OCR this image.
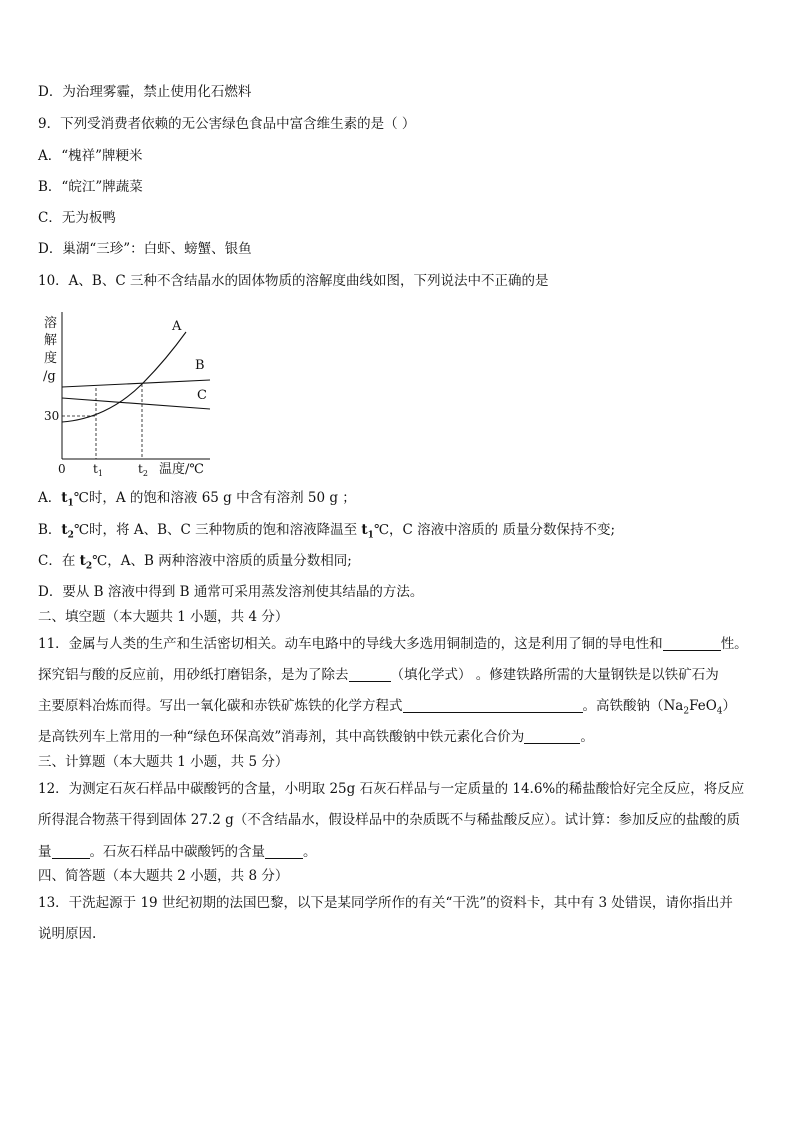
D．为治理雾霾，禁止使用化石燃料
9．下列受消费者依赖的无公害绿色食品中富含维生素的是（ ）
A．“槐祥”牌粳米
B．“皖江”牌蔬菜
C．无为板鸭
D．巢湖“三珍”：白虾、螃蟹、银鱼
10．A、B、C 三种不含结晶水的固体物质的溶解度曲线如图，下列说法中不正确的是
溶
解
度
/g
30
A
B
C
0 $t_1$	$t_2$ 温度/℃
A．$t_1℃$时，A 的饱和溶液 65 g 中含有溶剂 50 g ；
B．$t_2℃$时，将 A、B、C 三种物质的饱和溶液降温至 $t_1℃$，C 溶液中溶质的 质量分数保持不变;
C．在 $t_2℃$，A、B 两种溶液中溶质的质量分数相同;
D．要从 B 溶液中得到 B 通常可采用蒸发溶剂使其结晶的方法。
二、填空题（本大题共 1 小题，共 4 分）
11．金属与人类的生产和生活密切相关。动车电路中的导线大多选用铜制造的，这是利用了铜的导电性和	性。
探究铝与酸的反应前，用砂纸打磨铝条，是为了除去	（填化学式） 。修建铁路所需的大量钢铁是以铁矿石为
主要原料冶炼而得。写出一氧化碳和赤铁矿炼铁的化学方程式	。高铁酸钠$(Na_2FeO_4)$
是高铁列车上常用的一种“绿色环保高效”消毒剂，其中高铁酸钠中铁元素化合价为	。
三、计算题（本大题共 1 小题，共 5 分）
12．为测定石灰石样品中碳酸钙的含量，小明取 25g 石灰石样品与一定质量的 14.6%的稀盐酸恰好完全反应，将反应
所得混合物蒸干得到固体 27.2 g（不含结晶水，假设样品中的杂质既不与稀盐酸反应）。试计算：参加反应的盐酸的质
量	。石灰石样品中碳酸钙的含量	。
四、简答题（本大题共 2 小题，共 8 分）
13．干洗起源于 19 世纪初期的法国巴黎，以下是某同学所作的有关“干洗”的资料卡，其中有 3 处错误，请你指出并
说明原因.
